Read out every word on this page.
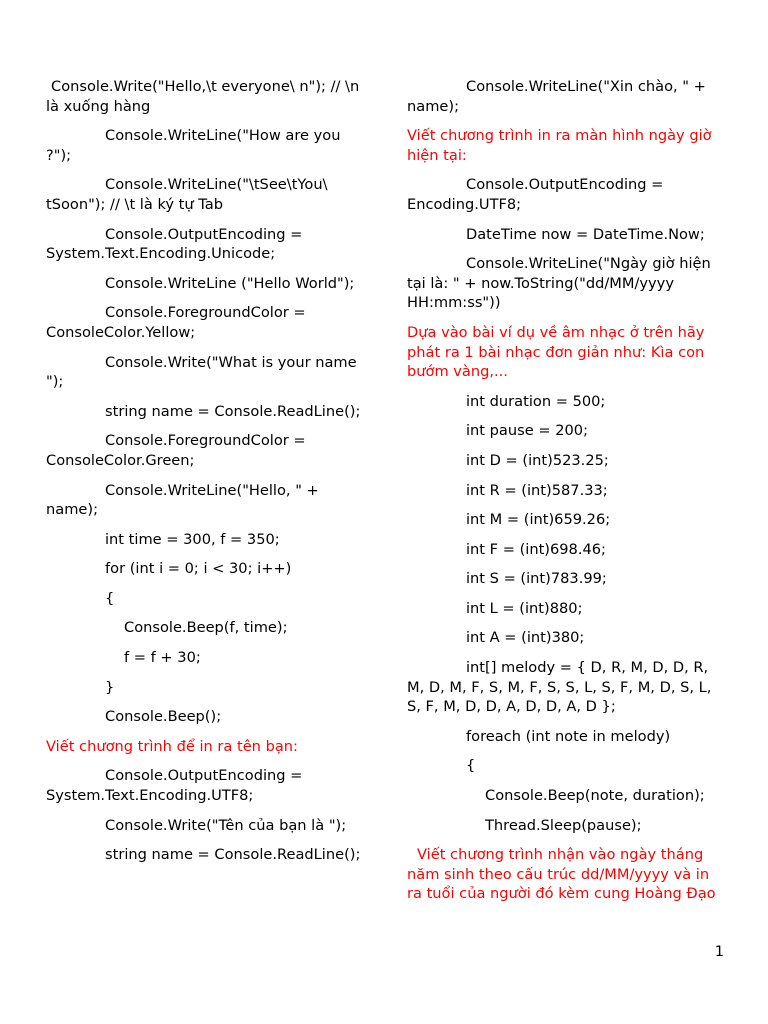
Console.Write("Hello,\t everyone\ n"); // \n là xuống hàng

Console.WriteLine("How are you ?");

Console.WriteLine("\tSee\tYou\ tSoon"); // \t là ký tự Tab

Console.OutputEncoding = System.Text.Encoding.Unicode;

Console.WriteLine ("Hello World");

Console.ForegroundColor = ConsoleColor.Yellow;

Console.Write("What is your name ");

string name = Console.ReadLine();

Console.ForegroundColor = ConsoleColor.Green;

Console.WriteLine("Hello, " + name);

int time = 300, f = 350;

for (int i = 0; i < 30; i++)

{

Console.Beep(f, time);

f = f + 30;

}

Console.Beep();

Viết chương trình để in ra tên bạn:

Console.OutputEncoding = System.Text.Encoding.UTF8;

Console.Write("Tên của bạn là ");

string name = Console.ReadLine();

Console.WriteLine("Xin chào, " + name);

Viết chương trình in ra màn hình ngày giờ hiện tại:

Console.OutputEncoding = Encoding.UTF8;

DateTime now = DateTime.Now;

Console.WriteLine("Ngày giờ hiện tại là: " + now.ToString("dd/MM/yyyy HH:mm:ss"))

Dựa vào bài ví dụ về âm nhạc ở trên hãy phát ra 1 bài nhạc đơn giản như: Kìa con bướm vàng,...

int duration = 500;

int pause = 200;

int D = (int)523.25;

int R = (int)587.33;

int M = (int)659.26;

int F = (int)698.46;

int S = (int)783.99;

int L = (int)880;

int A = (int)380;

int[] melody = { D, R, M, D, D, R, M, D, M, F, S, M, F, S, S, L, S, F, M, D, S, L, S, F, M, D, D, A, D, D, A, D };

foreach (int note in melody)

{

Console.Beep(note, duration);

Thread.Sleep(pause);

Viết chương trình nhận vào ngày tháng năm sinh theo cấu trúc dd/MM/yyyy và in ra tuổi của người đó kèm cung Hoàng Đạo

1
